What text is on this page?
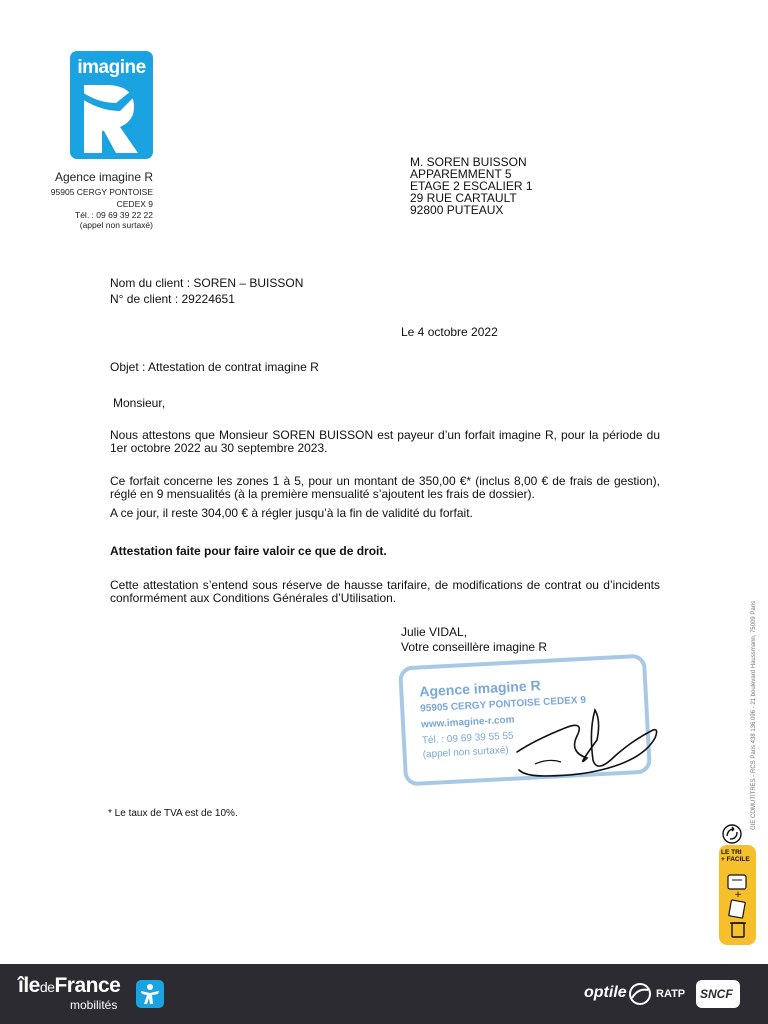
imagine
Agence imagine R
95905 CERGY PONTOISE
CEDEX 9
Tél. : 09 69 39 22 22
(appel non surtaxé)
M. SOREN BUISSON
APPAREMMENT 5
ETAGE 2 ESCALIER 1
29 RUE CARTAULT
92800 PUTEAUX
Nom du client : SOREN – BUISSON
N° de client : 29224651
Le 4 octobre 2022
Objet : Attestation de contrat imagine R
Monsieur,
Nous attestons que Monsieur SOREN BUISSON est payeur d’un forfait imagine R, pour la période du 1er octobre 2022 au 30 septembre 2023.
Ce forfait concerne les zones 1 à 5, pour un montant de 350,00 €* (inclus 8,00 € de frais de gestion), réglé en 9 mensualités (à la première mensualité s’ajoutent les frais de dossier).
A ce jour, il reste 304,00 € à régler jusqu’à la fin de validité du forfait.
Attestation faite pour faire valoir ce que de droit.
Cette attestation s’entend sous réserve de hausse tarifaire, de modifications de contrat ou d’incidents conformément aux Conditions Générales d’Utilisation.
Julie VIDAL,
Votre conseillère imagine R
Agence imagine R
95905 CERGY PONTOISE CEDEX 9
www.imagine-r.com
Tél. : 09 69 39 55 55
(appel non surtaxé)
* Le taux de TVA est de 10%.	GIE COMUTITRES - RCS Paris 438 136 096 - 21 boulevard Haussmann, 75009 Paris
LE TRI
+ FACILE
+
îledeFrance
mobilités
optile	RATP SNCF
